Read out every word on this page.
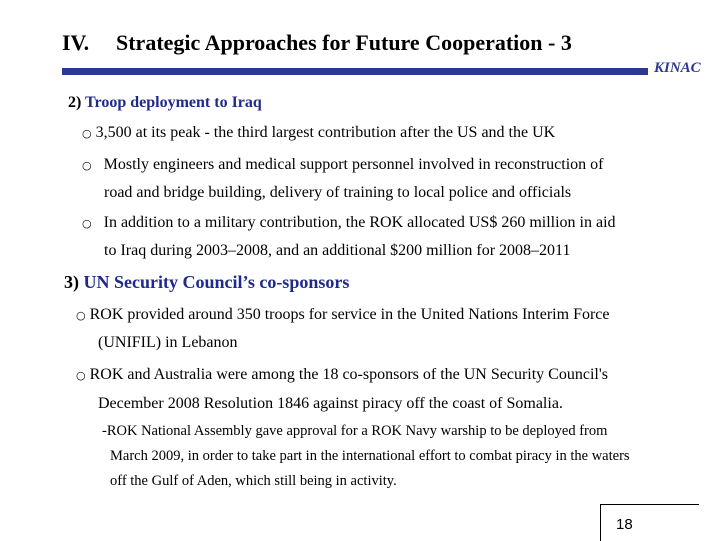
IV. Strategic Approaches for Future Cooperation - 3
KINAC
2) Troop deployment to Iraq
○ 3,500 at its peak - the third largest contribution after the US and the UK
○ Mostly engineers and medical support personnel involved in reconstruction of
road and bridge building, delivery of training to local police and officials
○ In addition to a military contribution, the ROK allocated US$ 260 million in aid
to Iraq during 2003–2008, and an additional $200 million for 2008–2011
3) UN Security Council’s co-sponsors
○ ROK provided around 350 troops for service in the United Nations Interim Force
(UNIFIL) in Lebanon
○ ROK and Australia were among the 18 co-sponsors of the UN Security Council's
December 2008 Resolution 1846 against piracy off the coast of Somalia.
-ROK National Assembly gave approval for a ROK Navy warship to be deployed from
March 2009, in order to take part in the international effort to combat piracy in the waters
off the Gulf of Aden, which still being in activity.
18
